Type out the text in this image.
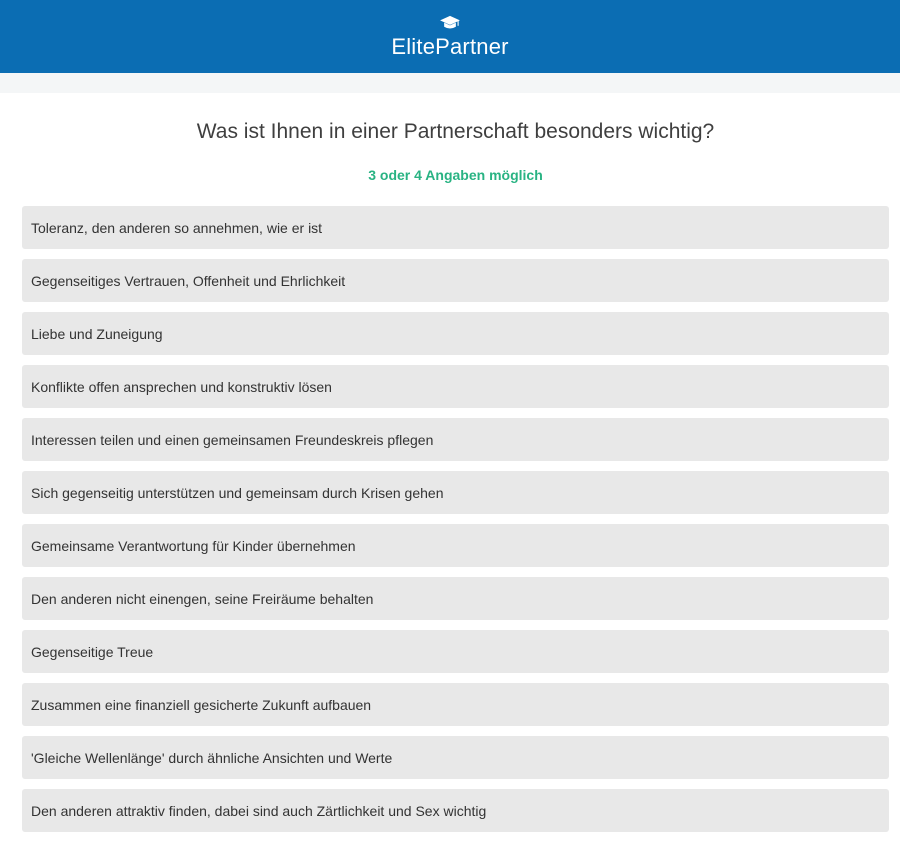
ElitePartner
Was ist Ihnen in einer Partnerschaft besonders wichtig?
3 oder 4 Angaben möglich
Toleranz, den anderen so annehmen, wie er ist
Gegenseitiges Vertrauen, Offenheit und Ehrlichkeit
Liebe und Zuneigung
Konflikte offen ansprechen und konstruktiv lösen
Interessen teilen und einen gemeinsamen Freundeskreis pflegen
Sich gegenseitig unterstützen und gemeinsam durch Krisen gehen
Gemeinsame Verantwortung für Kinder übernehmen
Den anderen nicht einengen, seine Freiräume behalten
Gegenseitige Treue
Zusammen eine finanziell gesicherte Zukunft aufbauen
'Gleiche Wellenlänge' durch ähnliche Ansichten und Werte
Den anderen attraktiv finden, dabei sind auch Zärtlichkeit und Sex wichtig
